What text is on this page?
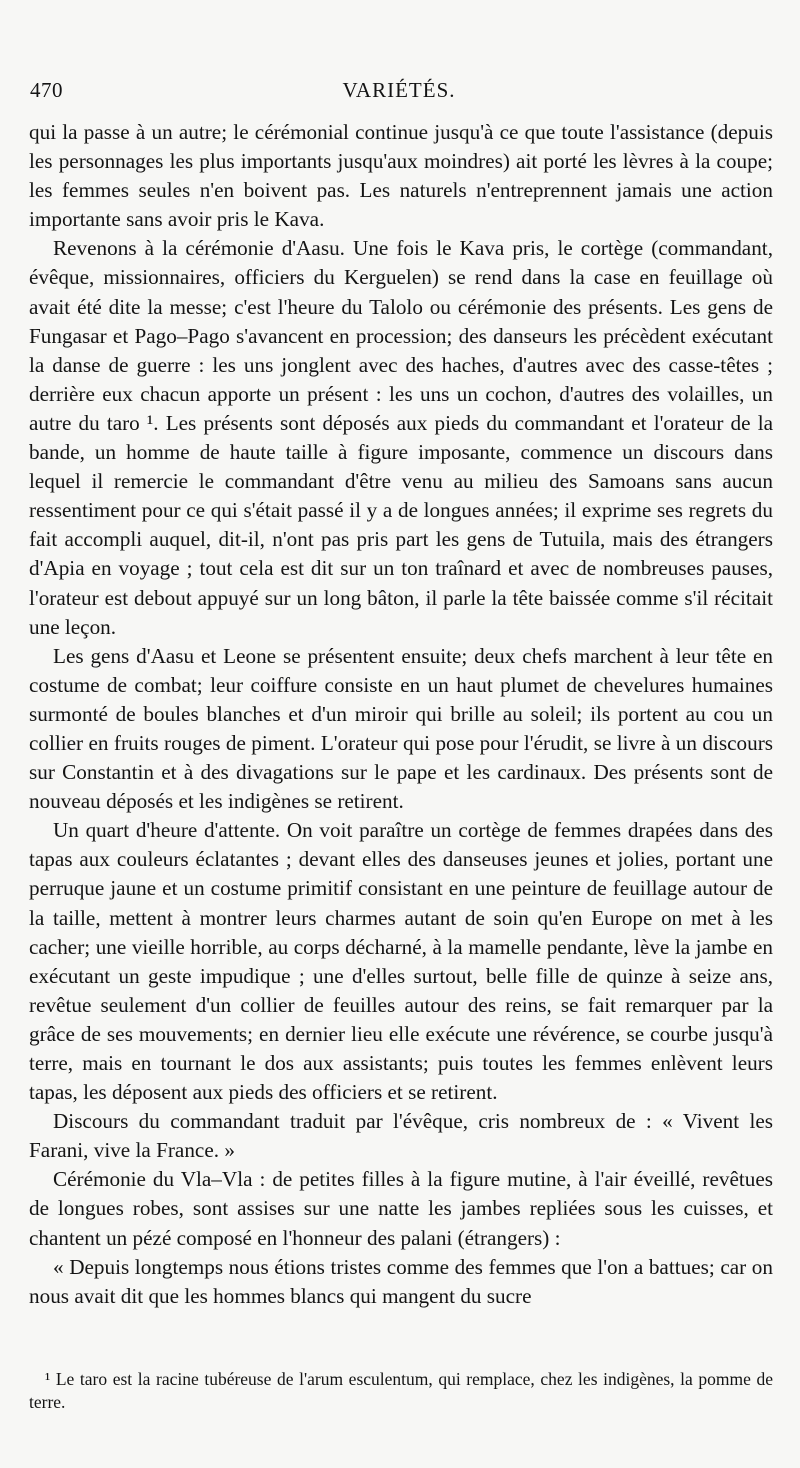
470	VARIÉTÉS.

qui la passe à un autre; le cérémonial continue jusqu'à ce que toute l'assistance (depuis les personnages les plus importants jusqu'aux moindres) ait porté les lèvres à la coupe; les femmes seules n'en boivent pas. Les naturels n'entreprennent jamais une action importante sans avoir pris le Kava.

Revenons à la cérémonie d'Aasu. Une fois le Kava pris, le cortège (commandant, évêque, missionnaires, officiers du Kerguelen) se rend dans la case en feuillage où avait été dite la messe; c'est l'heure du Talolo ou cérémonie des présents. Les gens de Fungasar et Pago–Pago s'avancent en procession; des danseurs les précèdent exécutant la danse de guerre : les uns jonglent avec des haches, d'autres avec des casse-têtes ; derrière eux chacun apporte un présent : les uns un cochon, d'autres des volailles, un autre du taro ¹. Les présents sont déposés aux pieds du commandant et l'orateur de la bande, un homme de haute taille à figure imposante, commence un discours dans lequel il remercie le commandant d'être venu au milieu des Samoans sans aucun ressentiment pour ce qui s'était passé il y a de longues années; il exprime ses regrets du fait accompli auquel, dit-il, n'ont pas pris part les gens de Tutuila, mais des étrangers d'Apia en voyage ; tout cela est dit sur un ton traînard et avec de nombreuses pauses, l'orateur est debout appuyé sur un long bâton, il parle la tête baissée comme s'il récitait une leçon.

Les gens d'Aasu et Leone se présentent ensuite; deux chefs marchent à leur tête en costume de combat; leur coiffure consiste en un haut plumet de chevelures humaines surmonté de boules blanches et d'un miroir qui brille au soleil; ils portent au cou un collier en fruits rouges de piment. L'orateur qui pose pour l'érudit, se livre à un discours sur Constantin et à des divagations sur le pape et les cardinaux. Des présents sont de nouveau déposés et les indigènes se retirent.

Un quart d'heure d'attente. On voit paraître un cortège de femmes drapées dans des tapas aux couleurs éclatantes ; devant elles des danseuses jeunes et jolies, portant une perruque jaune et un costume primitif consistant en une peinture de feuillage autour de la taille, mettent à montrer leurs charmes autant de soin qu'en Europe on met à les cacher; une vieille horrible, au corps décharné, à la mamelle pendante, lève la jambe en exécutant un geste impudique ; une d'elles surtout, belle fille de quinze à seize ans, revêtue seulement d'un collier de feuilles autour des reins, se fait remarquer par la grâce de ses mouvements; en dernier lieu elle exécute une révérence, se courbe jusqu'à terre, mais en tournant le dos aux assistants; puis toutes les femmes enlèvent leurs tapas, les déposent aux pieds des officiers et se retirent.

Discours du commandant traduit par l'évêque, cris nombreux de : « Vivent les Farani, vive la France. »

Cérémonie du Vla–Vla : de petites filles à la figure mutine, à l'air éveillé, revêtues de longues robes, sont assises sur une natte les jambes repliées sous les cuisses, et chantent un pézé composé en l'honneur des palani (étrangers) :

« Depuis longtemps nous étions tristes comme des femmes que l'on a battues; car on nous avait dit que les hommes blancs qui mangent du sucre

¹ Le taro est la racine tubéreuse de l'arum esculentum, qui remplace, chez les indigènes, la pomme de terre.
